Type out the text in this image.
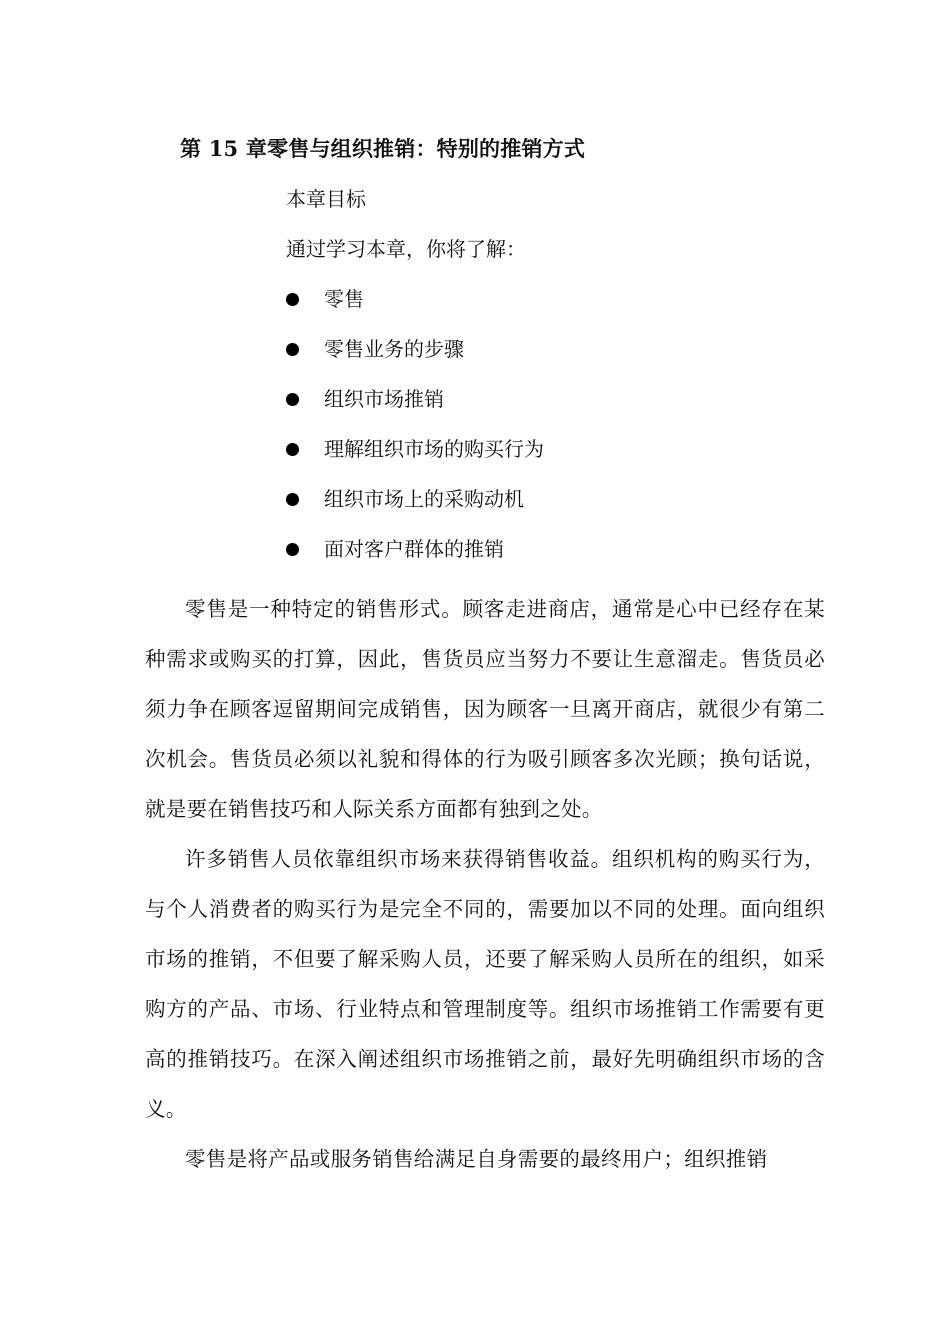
第 15 章零售与组织推销：特别的推销方式
本章目标
通过学习本章，你将了解：
零售
零售业务的步骤
组织市场推销
理解组织市场的购买行为
组织市场上的采购动机
面对客户群体的推销

零售是一种特定的销售形式。顾客走进商店，通常是心中已经存在某种需求或购买的打算，因此，售货员应当努力不要让生意溜走。售货员必须力争在顾客逗留期间完成销售，因为顾客一旦离开商店，就很少有第二次机会。售货员必须以礼貌和得体的行为吸引顾客多次光顾；换句话说，就是要在销售技巧和人际关系方面都有独到之处。

许多销售人员依靠组织市场来获得销售收益。组织机构的购买行为，与个人消费者的购买行为是完全不同的，需要加以不同的处理。面向组织市场的推销，不但要了解采购人员，还要了解采购人员所在的组织，如采购方的产品、市场、行业特点和管理制度等。组织市场推销工作需要有更高的推销技巧。在深入阐述组织市场推销之前，最好先明确组织市场的含义。

零售是将产品或服务销售给满足自身需要的最终用户；组织推销
